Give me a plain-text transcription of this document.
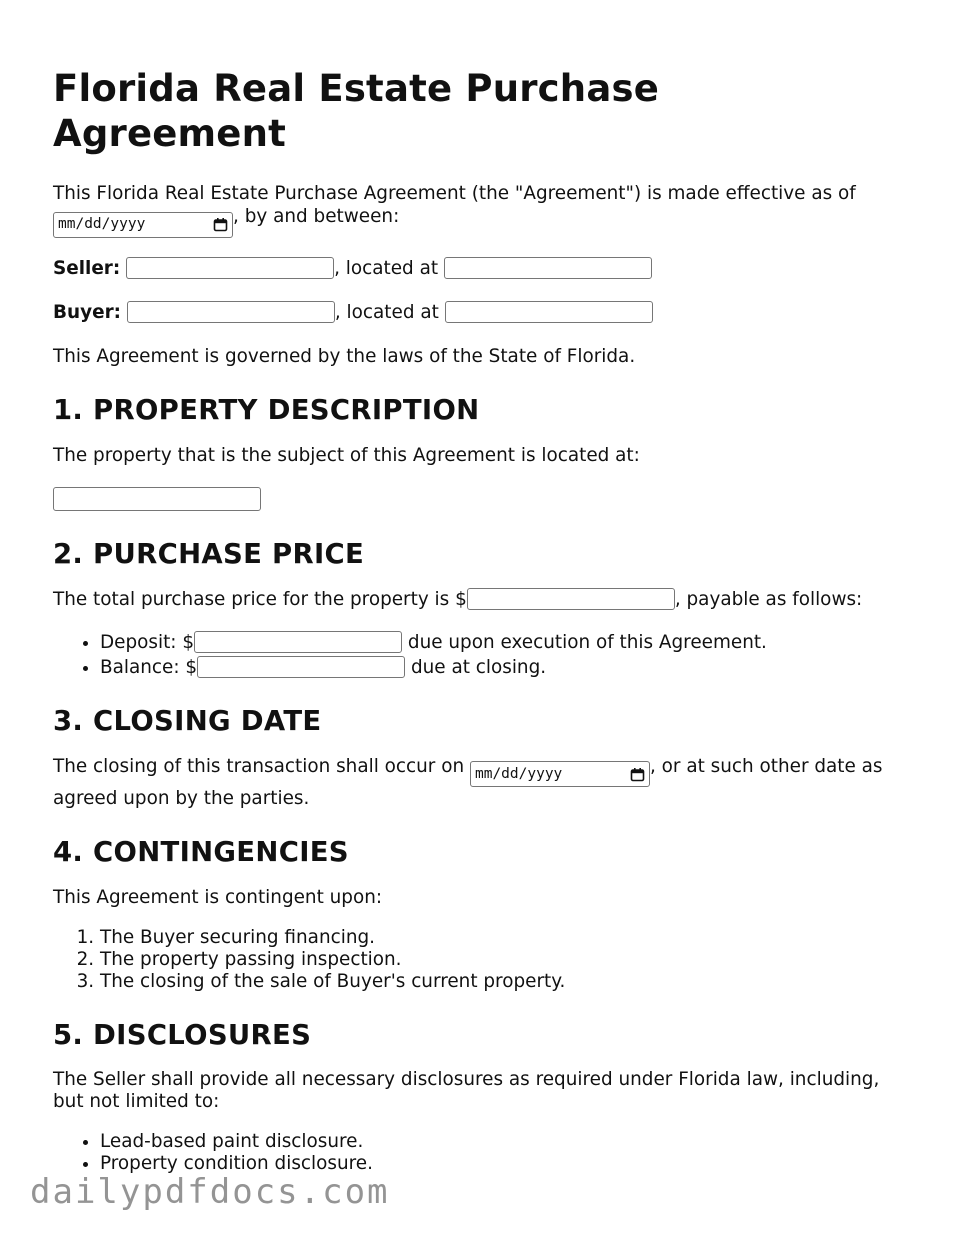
Florida Real Estate Purchase Agreement

This Florida Real Estate Purchase Agreement (the "Agreement") is made effective as of

mm/dd/yyyy	, by and between:

Seller:	, located at

Buyer:	, located at

This Agreement is governed by the laws of the State of Florida.

1. PROPERTY DESCRIPTION

The property that is the subject of this Agreement is located at:

2. PURCHASE PRICE

The total purchase price for the property is $	, payable as follows:

• Deposit: $	due upon execution of this Agreement.
• Balance: $	due at closing.
3. CLOSING DATE

The closing of this transaction shall occur on mm/dd/yyyy	, or at such other date as agreed upon by the parties.

4. CONTINGENCIES

This Agreement is contingent upon:

1. The Buyer securing financing.
2. The property passing inspection.
3. The closing of the sale of Buyer's current property.
5. DISCLOSURES

The Seller shall provide all necessary disclosures as required under Florida law, including, but not limited to:

• Lead-based paint disclosure.
• Property condition disclosure.
dailypdfdocs.com
